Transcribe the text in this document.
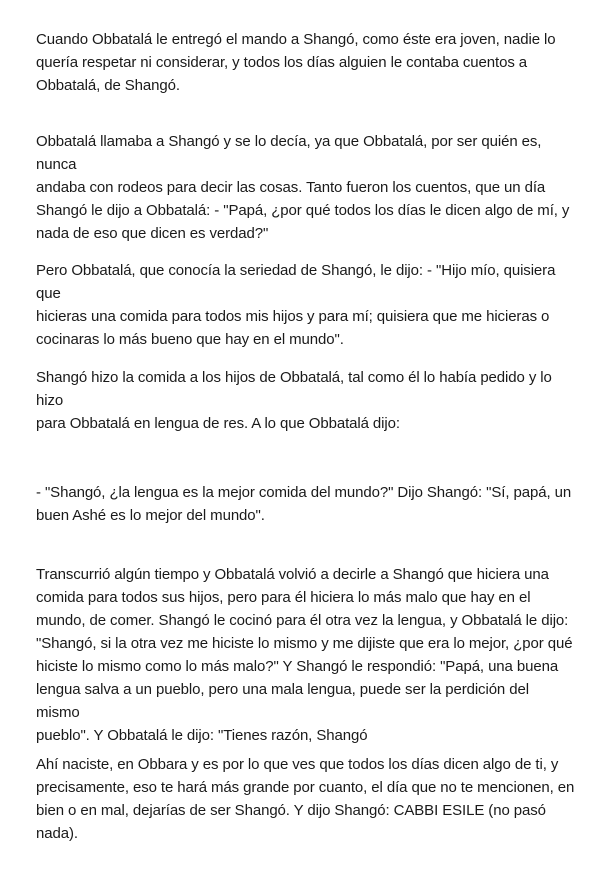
Cuando Obbatalá le entregó el mando a Shangó, como éste era joven, nadie lo
quería respetar ni considerar, y todos los días alguien le contaba cuentos a
Obbatalá, de Shangó.

Obbatalá llamaba a Shangó y se lo decía, ya que Obbatalá, por ser quién es, nunca
andaba con rodeos para decir las cosas. Tanto fueron los cuentos, que un día
Shangó le dijo a Obbatalá: - "Papá, ¿por qué todos los días le dicen algo de mí, y
nada de eso que dicen es verdad?"

Pero Obbatalá, que conocía la seriedad de Shangó, le dijo: - "Hijo mío, quisiera que
hicieras una comida para todos mis hijos y para mí; quisiera que me hicieras o
cocinaras lo más bueno que hay en el mundo".

Shangó hizo la comida a los hijos de Obbatalá, tal como él lo había pedido y lo hizo
para Obbatalá en lengua de res. A lo que Obbatalá dijo:

- "Shangó, ¿la lengua es la mejor comida del mundo?" Dijo Shangó: "Sí, papá, un
buen Ashé es lo mejor del mundo".

Transcurrió algún tiempo y Obbatalá volvió a decirle a Shangó que hiciera una
comida para todos sus hijos, pero para él hiciera lo más malo que hay en el
mundo, de comer. Shangó le cocinó para él otra vez la lengua, y Obbatalá le dijo:
"Shangó, si la otra vez me hiciste lo mismo y me dijiste que era lo mejor, ¿por qué
hiciste lo mismo como lo más malo?" Y Shangó le respondió: "Papá, una buena
lengua salva a un pueblo, pero una mala lengua, puede ser la perdición del mismo
pueblo". Y Obbatalá le dijo: "Tienes razón, Shangó

Ahí naciste, en Obbara y es por lo que ves que todos los días dicen algo de ti, y
precisamente, eso te hará más grande por cuanto, el día que no te mencionen, en
bien o en mal, dejarías de ser Shangó. Y dijo Shangó: CABBI ESILE (no pasó nada).
